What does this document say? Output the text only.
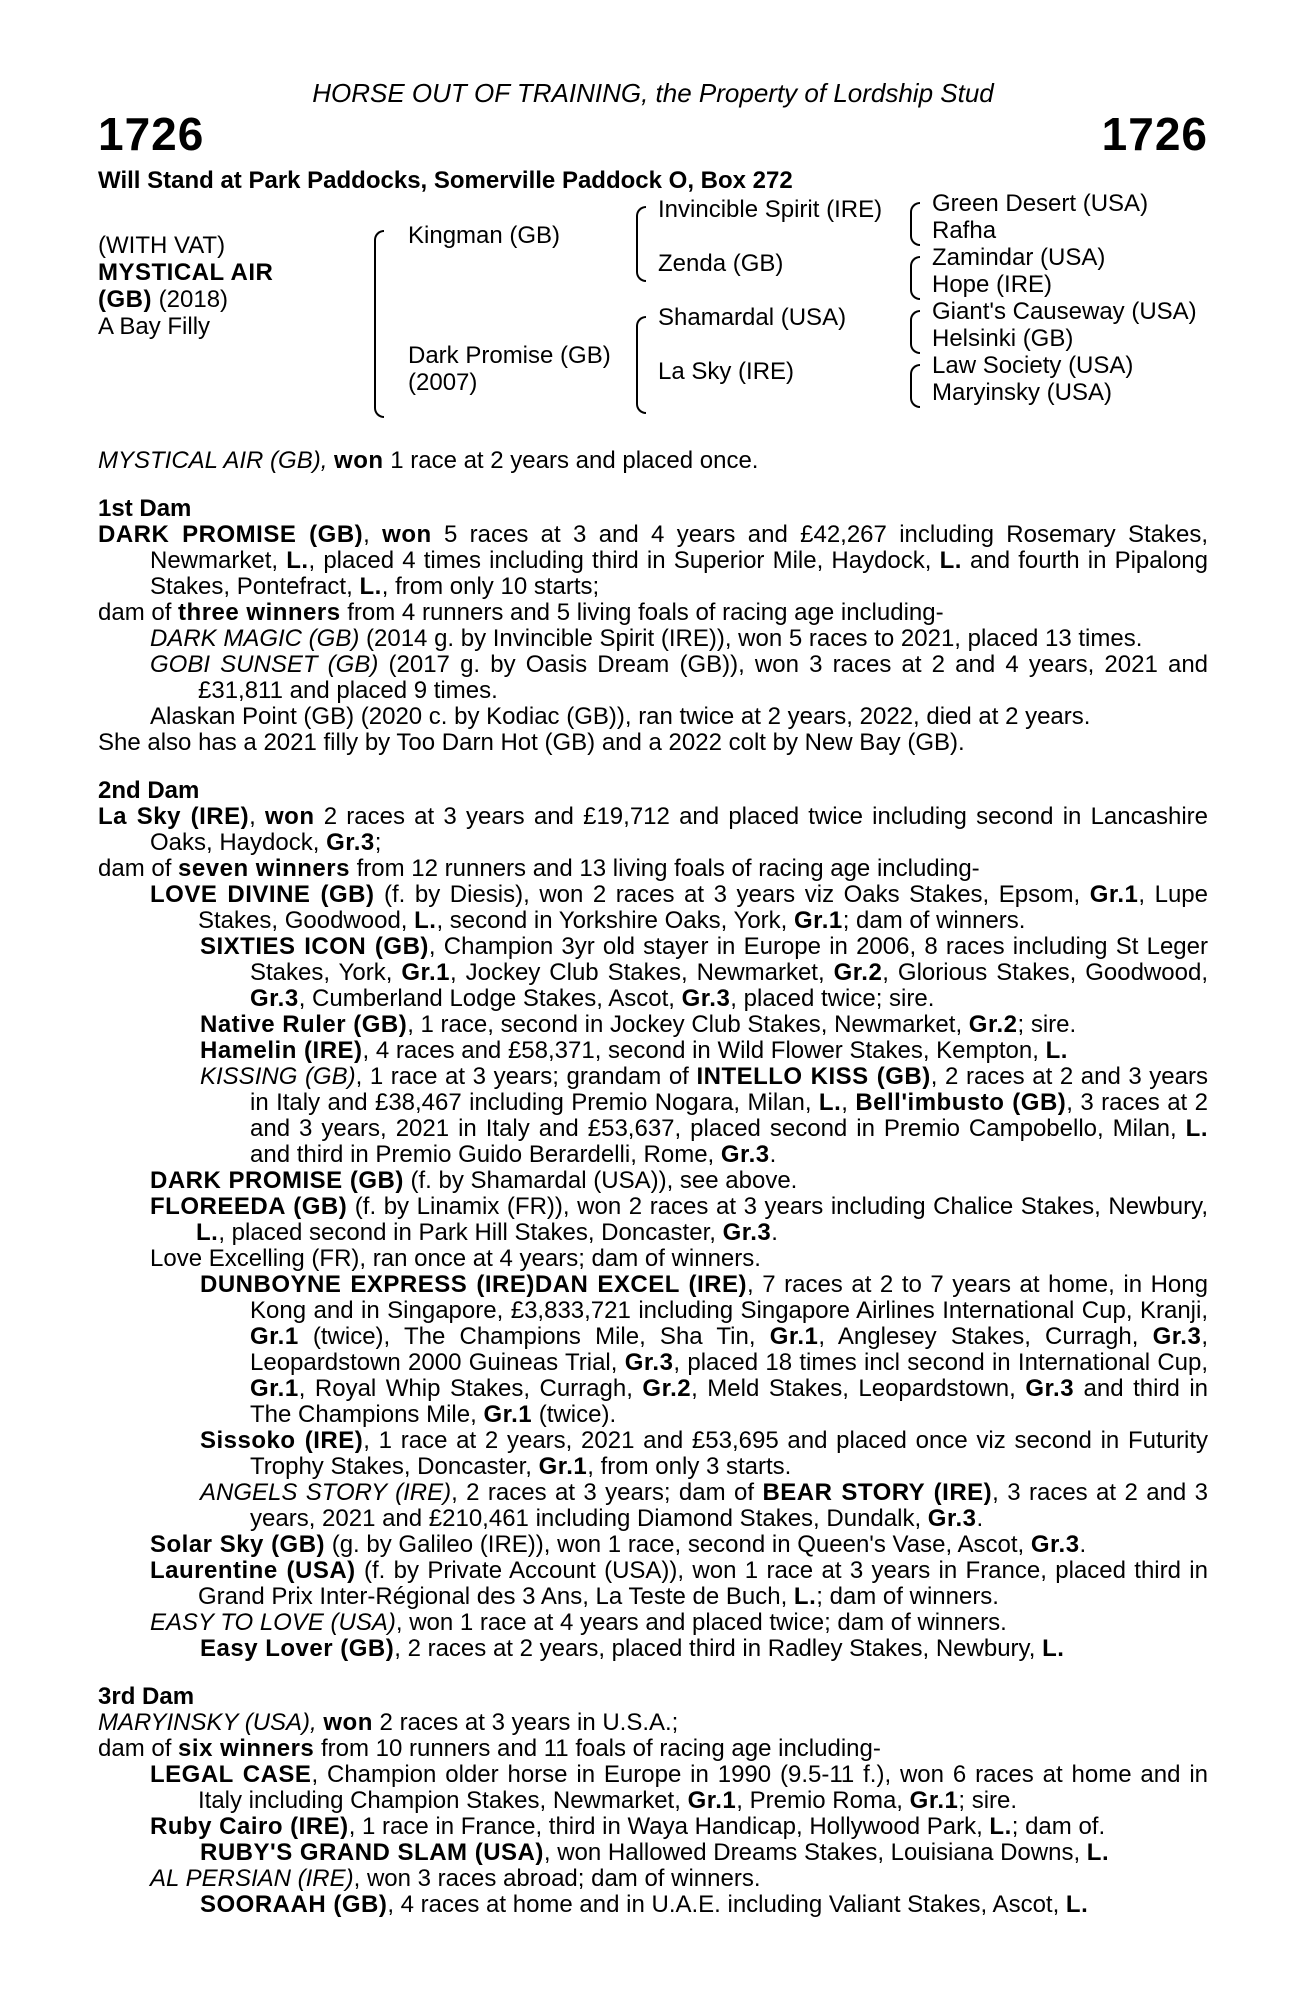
HORSE OUT OF TRAINING, the Property of Lordship Stud
1726	1726
Will Stand at Park Paddocks, Somerville Paddock O, Box 272
(WITH VAT)
MYSTICAL AIR
(GB) (2018)
A Bay Filly
Kingman (GB)
Dark Promise (GB)
(2007)
Invincible Spirit (IRE)
Zenda (GB)
Shamardal (USA)
La Sky (IRE)
Green Desert (USA)
Rafha
Zamindar (USA)
Hope (IRE)
Giant's Causeway (USA)
Helsinki (GB)
Law Society (USA)
Maryinsky (USA)

MYSTICAL AIR (GB), won 1 race at 2 years and placed once.

1st Dam

DARK PROMISE (GB), won 5 races at 3 and 4 years and £42,267 including Rosemary Stakes, Newmarket, L., placed 4 times including third in Superior Mile, Haydock, L. and fourth in Pipalong Stakes, Pontefract, L., from only 10 starts;

dam of three winners from 4 runners and 5 living foals of racing age including-

DARK MAGIC (GB) (2014 g. by Invincible Spirit (IRE)), won 5 races to 2021, placed 13 times.

GOBI SUNSET (GB) (2017 g. by Oasis Dream (GB)), won 3 races at 2 and 4 years, 2021 and £31,811 and placed 9 times.

Alaskan Point (GB) (2020 c. by Kodiac (GB)), ran twice at 2 years, 2022, died at 2 years.

She also has a 2021 filly by Too Darn Hot (GB) and a 2022 colt by New Bay (GB).

2nd Dam

La Sky (IRE), won 2 races at 3 years and £19,712 and placed twice including second in Lancashire Oaks, Haydock, Gr.3;

dam of seven winners from 12 runners and 13 living foals of racing age including-

LOVE DIVINE (GB) (f. by Diesis), won 2 races at 3 years viz Oaks Stakes, Epsom, Gr.1, Lupe Stakes, Goodwood, L., second in Yorkshire Oaks, York, Gr.1; dam of winners.

SIXTIES ICON (GB), Champion 3yr old stayer in Europe in 2006, 8 races including St Leger Stakes, York, Gr.1, Jockey Club Stakes, Newmarket, Gr.2, Glorious Stakes, Goodwood, Gr.3, Cumberland Lodge Stakes, Ascot, Gr.3, placed twice; sire.

Native Ruler (GB), 1 race, second in Jockey Club Stakes, Newmarket, Gr.2; sire.

Hamelin (IRE), 4 races and £58,371, second in Wild Flower Stakes, Kempton, L.

KISSING (GB), 1 race at 3 years; grandam of INTELLO KISS (GB), 2 races at 2 and 3 years in Italy and £38,467 including Premio Nogara, Milan, L., Bell'imbusto (GB), 3 races at 2 and 3 years, 2021 in Italy and £53,637, placed second in Premio Campobello, Milan, L. and third in Premio Guido Berardelli, Rome, Gr.3.

DARK PROMISE (GB) (f. by Shamardal (USA)), see above.

FLOREEDA (GB) (f. by Linamix (FR)), won 2 races at 3 years including Chalice Stakes, Newbury, L., placed second in Park Hill Stakes, Doncaster, Gr.3.

Love Excelling (FR), ran once at 4 years; dam of winners.

DUNBOYNE EXPRESS (IRE)DAN EXCEL (IRE), 7 races at 2 to 7 years at home, in Hong Kong and in Singapore, £3,833,721 including Singapore Airlines International Cup, Kranji, Gr.1 (twice), The Champions Mile, Sha Tin, Gr.1, Anglesey Stakes, Curragh, Gr.3, Leopardstown 2000 Guineas Trial, Gr.3, placed 18 times incl second in International Cup, Gr.1, Royal Whip Stakes, Curragh, Gr.2, Meld Stakes, Leopardstown, Gr.3 and third in The Champions Mile, Gr.1 (twice).

Sissoko (IRE), 1 race at 2 years, 2021 and £53,695 and placed once viz second in Futurity Trophy Stakes, Doncaster, Gr.1, from only 3 starts.

ANGELS STORY (IRE), 2 races at 3 years; dam of BEAR STORY (IRE), 3 races at 2 and 3 years, 2021 and £210,461 including Diamond Stakes, Dundalk, Gr.3.

Solar Sky (GB) (g. by Galileo (IRE)), won 1 race, second in Queen's Vase, Ascot, Gr.3.

Laurentine (USA) (f. by Private Account (USA)), won 1 race at 3 years in France, placed third in Grand Prix Inter-Régional des 3 Ans, La Teste de Buch, L.; dam of winners.

EASY TO LOVE (USA), won 1 race at 4 years and placed twice; dam of winners.

Easy Lover (GB), 2 races at 2 years, placed third in Radley Stakes, Newbury, L.

3rd Dam

MARYINSKY (USA), won 2 races at 3 years in U.S.A.;

dam of six winners from 10 runners and 11 foals of racing age including-

LEGAL CASE, Champion older horse in Europe in 1990 (9.5-11 f.), won 6 races at home and in Italy including Champion Stakes, Newmarket, Gr.1, Premio Roma, Gr.1; sire.

Ruby Cairo (IRE), 1 race in France, third in Waya Handicap, Hollywood Park, L.; dam of.

RUBY'S GRAND SLAM (USA), won Hallowed Dreams Stakes, Louisiana Downs, L.

AL PERSIAN (IRE), won 3 races abroad; dam of winners.

SOORAAH (GB), 4 races at home and in U.A.E. including Valiant Stakes, Ascot, L.
